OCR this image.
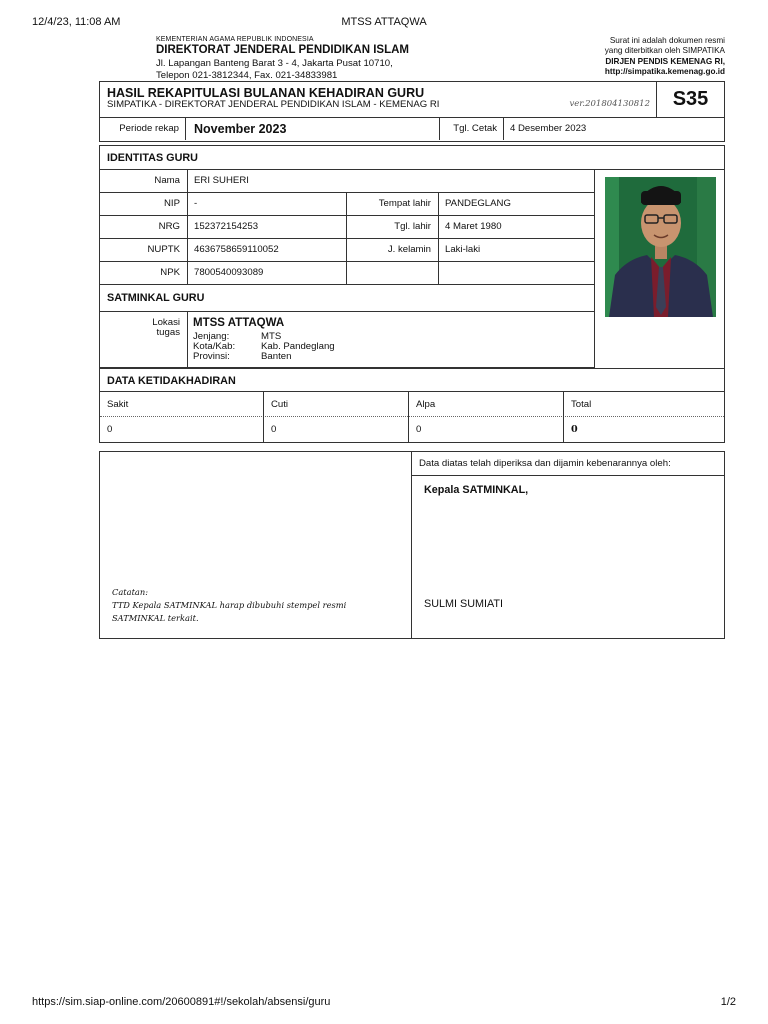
12/4/23, 11:08 AM	MTSS ATTAQWA
KEMENTERIAN AGAMA REPUBLIK INDONESIA
DIREKTORAT JENDERAL PENDIDIKAN ISLAM
Jl. Lapangan Banteng Barat 3 - 4, Jakarta Pusat 10710,
Telepon 021-3812344, Fax. 021-34833981
Surat ini adalah dokumen resmi
yang diterbitkan oleh SIMPATIKA
DIRJEN PENDIS KEMENAG RI,
http://simpatika.kemenag.go.id
HASIL REKAPITULASI BULANAN KEHADIRAN GURU
SIMPATIKA - DIREKTORAT JENDERAL PENDIDIKAN ISLAM - KEMENAG RI	ver.201804130812	S35
Periode rekap	November 2023	Tgl. Cetak	4 Desember 2023
IDENTITAS GURU
Nama	ERI SUHERI
NIP	-	Tempat lahir	PANDEGLANG
NRG	152372154253	Tgl. lahir	4 Maret 1980
NUPTK	4636758659110052	J. kelamin	Laki-laki
NPK	7800540093089
SATMINKAL GURU
Lokasi
tugas
MTSS ATTAQWA
Jenjang:	MTS
Kota/Kab:	Kab. Pandeglang
Provinsi:	Banten
DATA KETIDAKHADIRAN
Sakit	Cuti	Alpa	Total
0	0	0	0
Data diatas telah diperiksa dan dijamin kebenarannya oleh:
Kepala SATMINKAL,
SULMI SUMIATI
Catatan:
TTD Kepala SATMINKAL harap dibubuhi stempel resmi
SATMINKAL terkait.
https://sim.siap-online.com/20600891#!/sekolah/absensi/guru	1/2
